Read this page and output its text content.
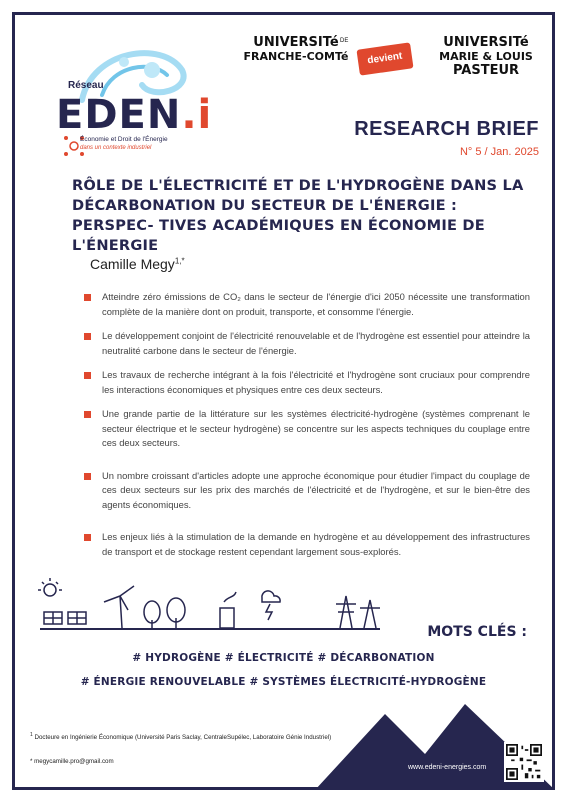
Réseau
EDEN.i
Économie et Droit de l'Énergie
dans un contexte industriel
UNIVERSITé
FRANCHE-COMTé
DE
devient
UNIVERSITé
MARIE & LOUIS
PASTEUR
RESEARCH BRIEF
N° 5 / Jan. 2025
RÔLE DE L'ÉLECTRICITÉ ET DE L'HYDROGÈNE DANS LA DÉCARBONATION DU SECTEUR DE L'ÉNERGIE : PERSPEC- TIVES ACADÉMIQUES EN ÉCONOMIE DE L'ÉNERGIE
Camille Megy$^{1,*}$
Atteindre zéro émissions de CO₂ dans le secteur de l'énergie d'ici 2050 nécessite une transformation complète de la manière dont on produit, transporte, et consomme l'énergie.
Le développement conjoint de l'électricité renouvelable et de l'hydrogène est essentiel pour atteindre la neutralité carbone dans le secteur de l'énergie.
Les travaux de recherche intégrant à la fois l'électricité et l'hydrogène sont cruciaux pour comprendre les interactions économiques et physiques entre ces deux secteurs.
Une grande partie de la littérature sur les systèmes électricité-hydrogène (systèmes comprenant le secteur électrique et le secteur hydrogène) se concentre sur les aspects techniques du couplage entre ces deux secteurs.
Un nombre croissant d'articles adopte une approche économique pour étudier l'impact du couplage de ces deux secteurs sur les prix des marchés de l'électricité et de l'hydrogène, et sur le bien-être des agents économiques.
Les enjeux liés à la stimulation de la demande en hydrogène et au développement des infrastructures de transport et de stockage restent cependant largement sous-explorés.
MOTS CLÉS :
# HYDROGÈNE # ÉLECTRICITÉ # DÉCARBONATION
# ÉNERGIE RENOUVELABLE # SYSTÈMES ÉLECTRICITÉ-HYDROGÈNE
$^1$ Docteure en Ingénierie Économique (Université Paris Saclay, CentraleSupélec, Laboratoire Génie Industriel)
* megycamille.pro@gmail.com
www.edeni-energies.com
